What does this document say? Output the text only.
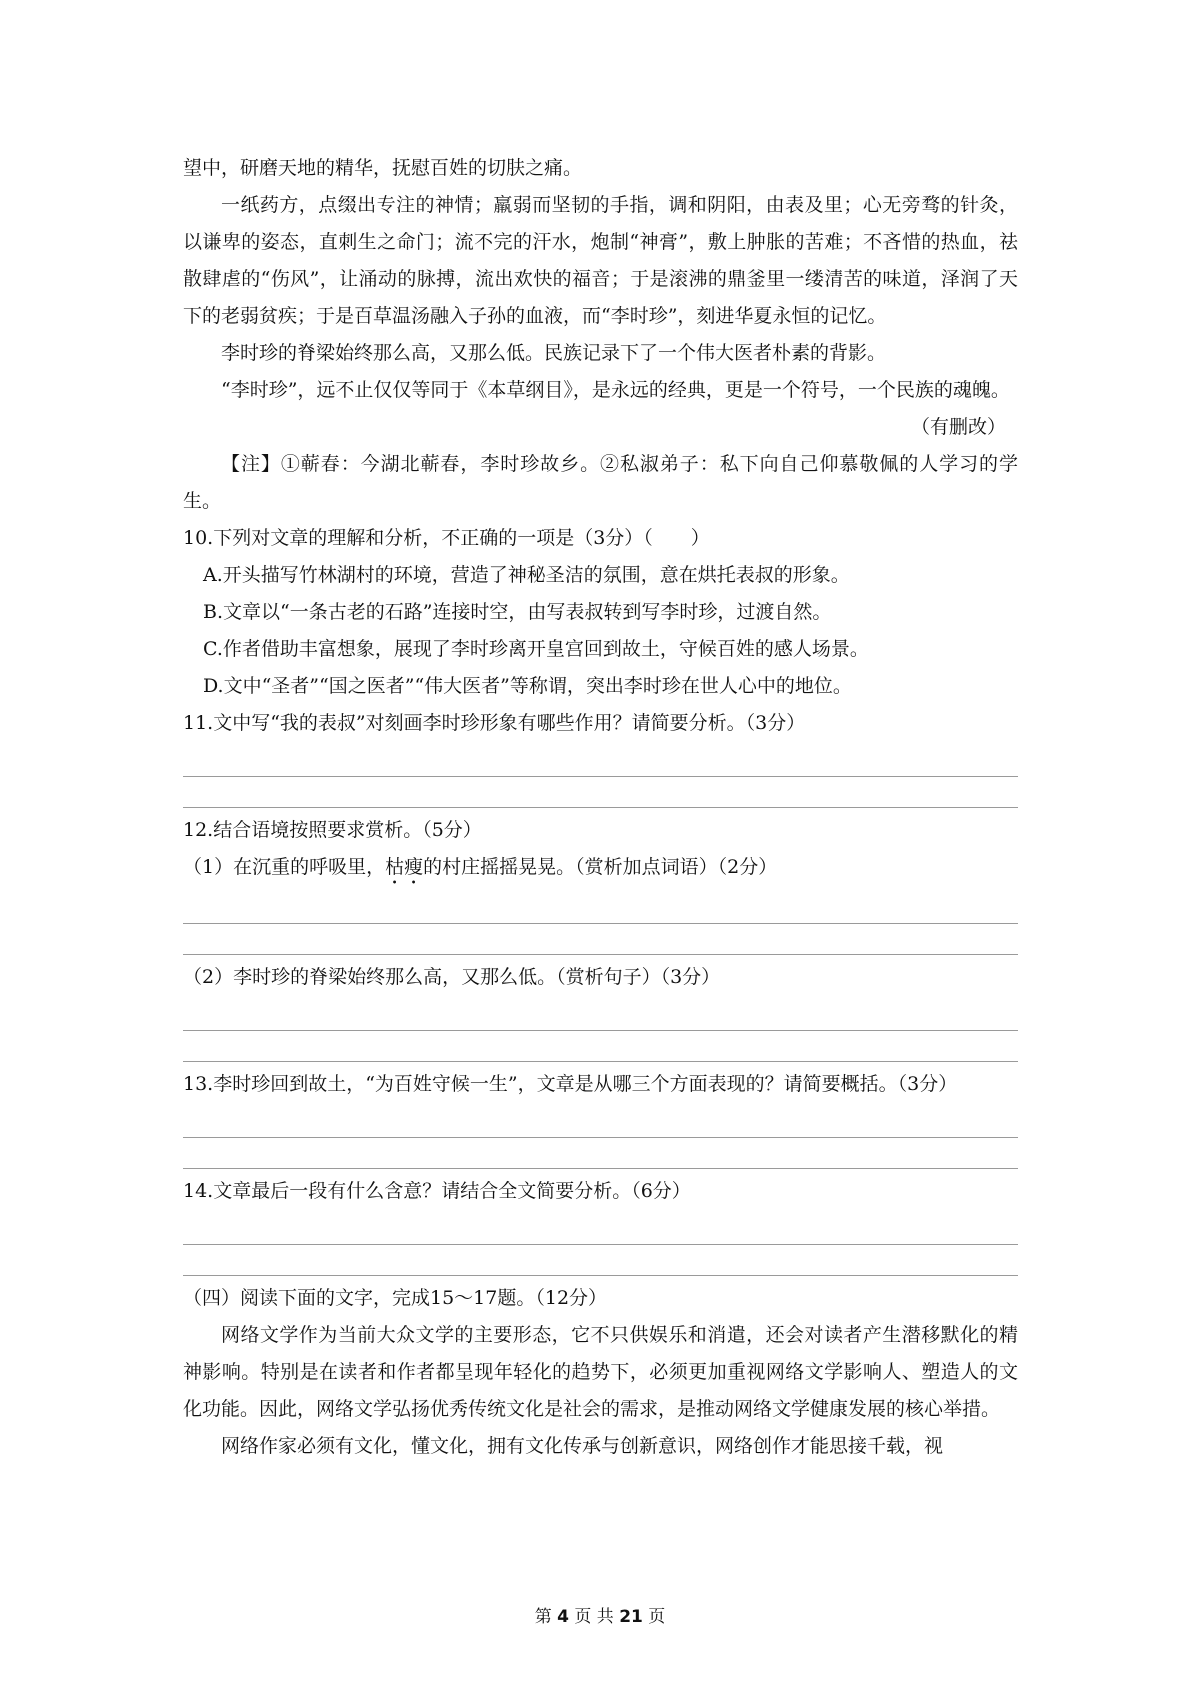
望中，研磨天地的精华，抚慰百姓的切肤之痛。

一纸药方，点缀出专注的神情；羸弱而坚韧的手指，调和阴阳，由表及里；心无旁骛的针灸，以谦卑的姿态，直刺生之命门；流不完的汗水，炮制“神膏”，敷上肿胀的苦难；不吝惜的热血，祛散肆虐的“伤风”，让涌动的脉搏，流出欢快的福音；于是滚沸的鼎釜里一缕清苦的味道，泽润了天下的老弱贫疾；于是百草温汤融入子孙的血液，而“李时珍”，刻进华夏永恒的记忆。

李时珍的脊梁始终那么高，又那么低。民族记录下了一个伟大医者朴素的背影。

“李时珍”，远不止仅仅等同于《本草纲目》，是永远的经典，更是一个符号，一个民族的魂魄。

（有删改）

【注】①蕲春：今湖北蕲春，李时珍故乡。②私淑弟子：私下向自己仰慕敬佩的人学习的学生。

10.下列对文章的理解和分析，不正确的一项是（3分）（　　）

A.开头描写竹林湖村的环境，营造了神秘圣洁的氛围，意在烘托表叔的形象。

B.文章以“一条古老的石路”连接时空，由写表叔转到写李时珍，过渡自然。

C.作者借助丰富想象，展现了李时珍离开皇宫回到故土，守候百姓的感人场景。

D.文中“圣者”“国之医者”“伟大医者”等称谓，突出李时珍在世人心中的地位。

11.文中写“我的表叔”对刻画李时珍形象有哪些作用？请简要分析。（3分）

12.结合语境按照要求赏析。（5分）

（1）在沉重的呼吸里，枯瘦的村庄摇摇晃晃。（赏析加点词语）（2分）

（2）李时珍的脊梁始终那么高，又那么低。（赏析句子）（3分）

13.李时珍回到故土，“为百姓守候一生”，文章是从哪三个方面表现的？请简要概括。（3分）

14.文章最后一段有什么含意？请结合全文简要分析。（6分）

（四）阅读下面的文字，完成15～17题。（12分）

网络文学作为当前大众文学的主要形态，它不只供娱乐和消遣，还会对读者产生潜移默化的精神影响。特别是在读者和作者都呈现年轻化的趋势下，必须更加重视网络文学影响人、塑造人的文化功能。因此，网络文学弘扬优秀传统文化是社会的需求，是推动网络文学健康发展的核心举措。

网络作家必须有文化，懂文化，拥有文化传承与创新意识，网络创作才能思接千载，视

第 4 页 共 21 页
